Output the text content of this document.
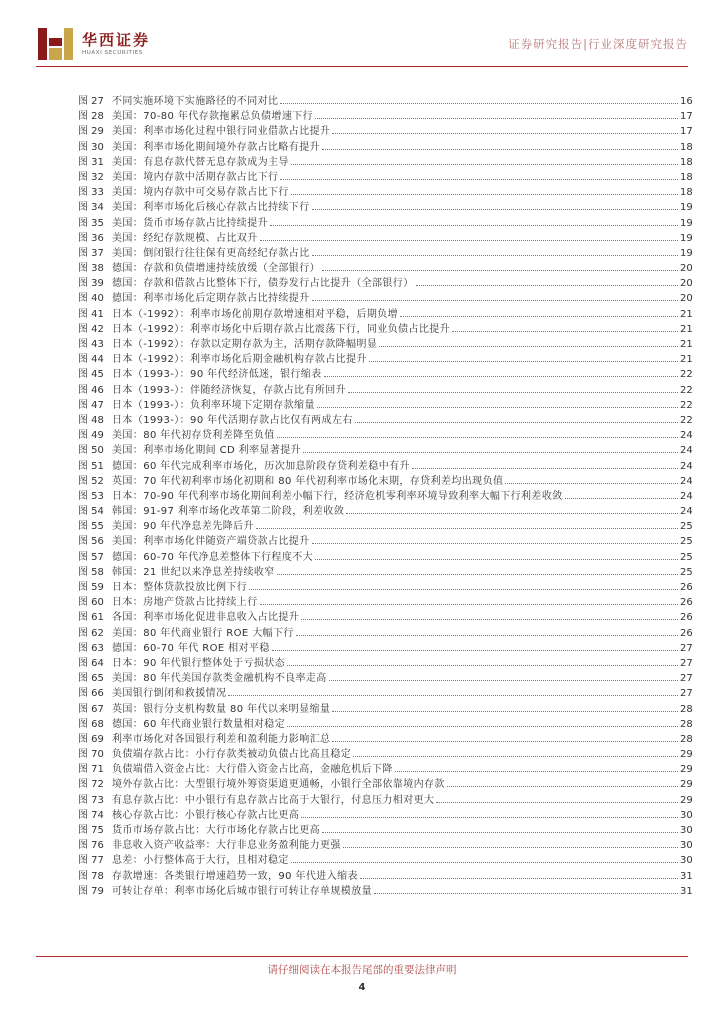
华西证券
HUAXI SECURITIES
证券研究报告|行业深度研究报告
图 27 不同实施环境下实施路径的不同对比	16
图 28 美国：70-80 年代存款拖累总负债增速下行	17
图 29 美国：利率市场化过程中银行同业借款占比提升	17
图 30 美国：利率市场化期间境外存款占比略有提升	18
图 31 美国：有息存款代替无息存款成为主导	18
图 32 美国：境内存款中活期存款占比下行	18
图 33 美国：境内存款中可交易存款占比下行	18
图 34 美国：利率市场化后核心存款占比持续下行	19
图 35 美国：货币市场存款占比持续提升	19
图 36 美国：经纪存款规模、占比双升	19
图 37 美国：倒闭银行往往保有更高经纪存款占比	19
图 38 德国：存款和负债增速持续放缓（全部银行）	20
图 39 德国：存款和借款占比整体下行，债券发行占比提升（全部银行）	20
图 40 德国：利率市场化后定期存款占比持续提升	20
图 41 日本（-1992）：利率市场化前期存款增速相对平稳，后期负增	21
图 42 日本（-1992）：利率市场化中后期存款占比震荡下行，同业负债占比提升	21
图 43 日本（-1992）：存款以定期存款为主，活期存款降幅明显	21
图 44 日本（-1992）：利率市场化后期金融机构存款占比提升	21
图 45 日本（1993-）：90 年代经济低迷，银行缩表	22
图 46 日本（1993-）：伴随经济恢复，存款占比有所回升	22
图 47 日本（1993-）：负利率环境下定期存款缩量	22
图 48 日本（1993-）：90 年代活期存款占比仅有两成左右	22
图 49 美国：80 年代初存贷利差降至负值	24
图 50 美国：利率市场化期间 CD 利率显著提升	24
图 51 德国：60 年代完成利率市场化，历次加息阶段存贷利差稳中有升	24
图 52 英国：70 年代初利率市场化初期和 80 年代初利率市场化末期，存贷利差均出现负值	24
图 53 日本：70-90 年代利率市场化期间利差小幅下行，经济危机零利率环境导致利率大幅下行利差收敛	24
图 54 韩国：91-97 利率市场化改革第二阶段，利差收敛	24
图 55 美国：90 年代净息差先降后升	25
图 56 美国：利率市场化伴随资产端贷款占比提升	25
图 57 德国：60-70 年代净息差整体下行程度不大	25
图 58 韩国：21 世纪以来净息差持续收窄	25
图 59 日本：整体贷款投放比例下行	26
图 60 日本：房地产贷款占比持续上行	26
图 61 各国：利率市场化促进非息收入占比提升	26
图 62 美国：80 年代商业银行 ROE 大幅下行	26
图 63 德国：60-70 年代 ROE 相对平稳	27
图 64 日本：90 年代银行整体处于亏损状态	27
图 65 美国：80 年代美国存款类金融机构不良率走高	27
图 66 美国银行倒闭和救援情况	27
图 67 英国：银行分支机构数量 80 年代以来明显缩量	28
图 68 德国：60 年代商业银行数量相对稳定	28
图 69 利率市场化对各国银行利差和盈利能力影响汇总	28
图 70 负债端存款占比：小行存款类被动负债占比高且稳定	29
图 71 负债端借入资金占比：大行借入资金占比高，金融危机后下降	29
图 72 境外存款占比：大型银行境外筹资渠道更通畅，小银行全部依靠境内存款	29
图 73 有息存款占比：中小银行有息存款占比高于大银行，付息压力相对更大	29
图 74 核心存款占比：小银行核心存款占比更高	30
图 75 货币市场存款占比：大行市场化存款占比更高	30
图 76 非息收入资产收益率：大行非息业务盈利能力更强	30
图 77 息差：小行整体高于大行，且相对稳定	30
图 78 存款增速：各类银行增速趋势一致，90 年代进入缩表	31
图 79 可转让存单：利率市场化后城市银行可转让存单规模放量	31
请仔细阅读在本报告尾部的重要法律声明
4
